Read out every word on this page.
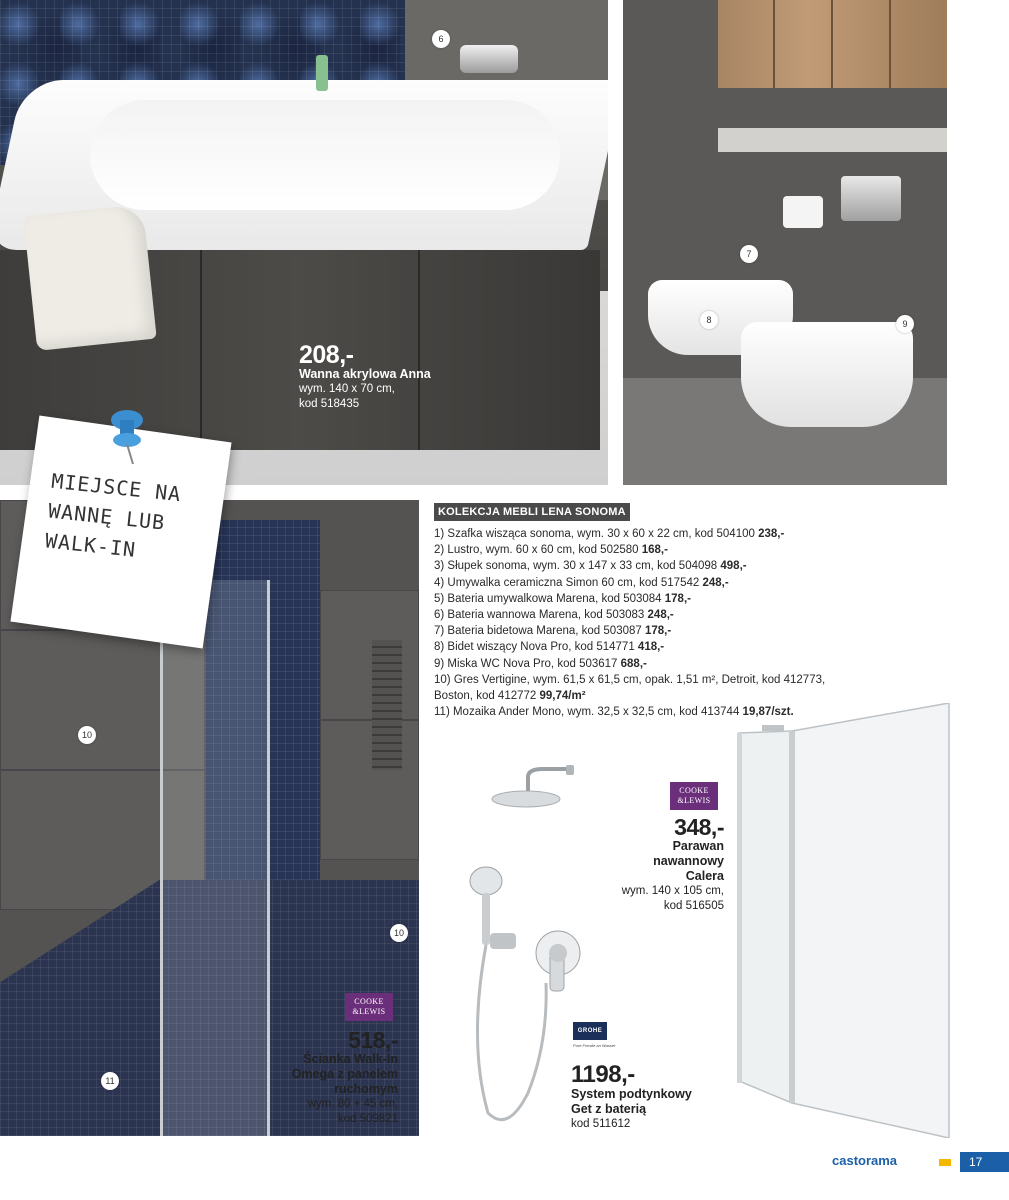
6
208,-
Wanna akrylowa Anna
wym. 140 x 70 cm,
kod 518435
7
8	9
10
10
11
MIEJSCE NA
WANNĘ LUB
WALK-IN
KOLEKCJA MEBLI LENA SONOMA
1) Szafka wisząca sonoma, wym. 30 x 60 x 22 cm, kod 504100 238,-
2) Lustro, wym. 60 x 60 cm, kod 502580 168,-
3) Słupek sonoma, wym. 30 x 147 x 33 cm, kod 504098 498,-
4) Umywalka ceramiczna Simon 60 cm, kod 517542 248,-
5) Bateria umywalkowa Marena, kod 503084 178,-
6) Bateria wannowa Marena, kod 503083 248,-
7) Bateria bidetowa Marena, kod 503087 178,-
8) Bidet wiszący Nova Pro, kod 514771 418,-
9) Miska WC Nova Pro, kod 503617 688,-
10) Gres Vertigine, wym. 61,5 x 61,5 cm, opak. 1,51 m², Detroit, kod 412773,
Boston, kod 412772 99,74/m²
11) Mozaika Ander Mono, wym. 32,5 x 32,5 cm, kod 413744 19,87/szt.
COOKE
&LEWIS
348,-
Parawan
nawannowy
Calera
wym. 140 x 105 cm,
kod 516505
COOKE
&LEWIS
518,-
Ścianka Walk-In
Omega z panelem
ruchomym
wym. 80 + 45 cm,
kod 509821
GROHE
Pure Freude an Wasser
1198,-
System podtynkowy
Get z baterią
kod 511612
castorama	17
